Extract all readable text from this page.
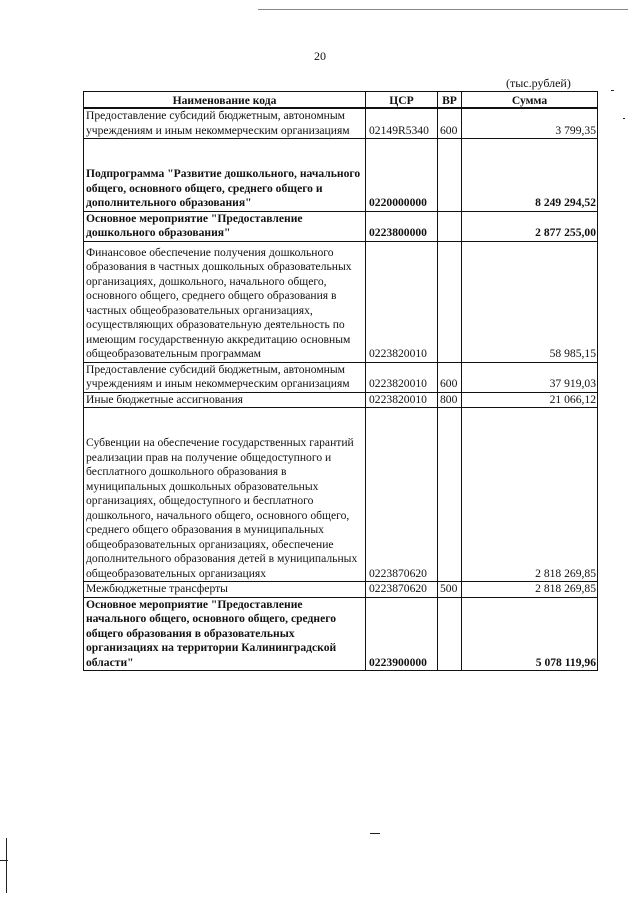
20
(тыс.рублей)
Наименование кода	ЦСР	ВР	Сумма
Предоставление субсидий бюджетным, автономным учреждениям и иным некоммерческим организациям	02149R5340	600	3 799,35

Подпрограмма "Развитие дошкольного, начального общего, основного общего, среднего общего и дополнительного образования"	0220000000		8 249 294,52
Основное мероприятие "Предоставление дошкольного образования"	0223800000		2 877 255,00

Финансовое обеспечение получения дошкольного образования в частных дошкольных образовательных организациях, дошкольного, начального общего, основного общего, среднего общего образования в частных общеобразовательных организациях, осуществляющих образовательную деятельность по имеющим государственную аккредитацию основным общеобразовательным программам	0223820010		58 985,15
Предоставление субсидий бюджетным, автономным учреждениям и иным некоммерческим организациям	0223820010	600	37 919,03
Иные бюджетные ассигнования	0223820010	800	21 066,12

Субвенции на обеспечение государственных гарантий реализации прав на получение общедоступного и бесплатного дошкольного образования в муниципальных дошкольных образовательных организациях, общедоступного и бесплатного дошкольного, начального общего, основного общего, среднего общего образования в муниципальных общеобразовательных организациях, обеспечение дополнительного образования детей в муниципальных общеобразовательных организациях	0223870620		2 818 269,85
Межбюджетные трансферты	0223870620	500	2 818 269,85
Основное мероприятие "Предоставление начального общего, основного общего, среднего общего образования в образовательных организациях на территории Калининградской области"	0223900000		5 078 119,96
